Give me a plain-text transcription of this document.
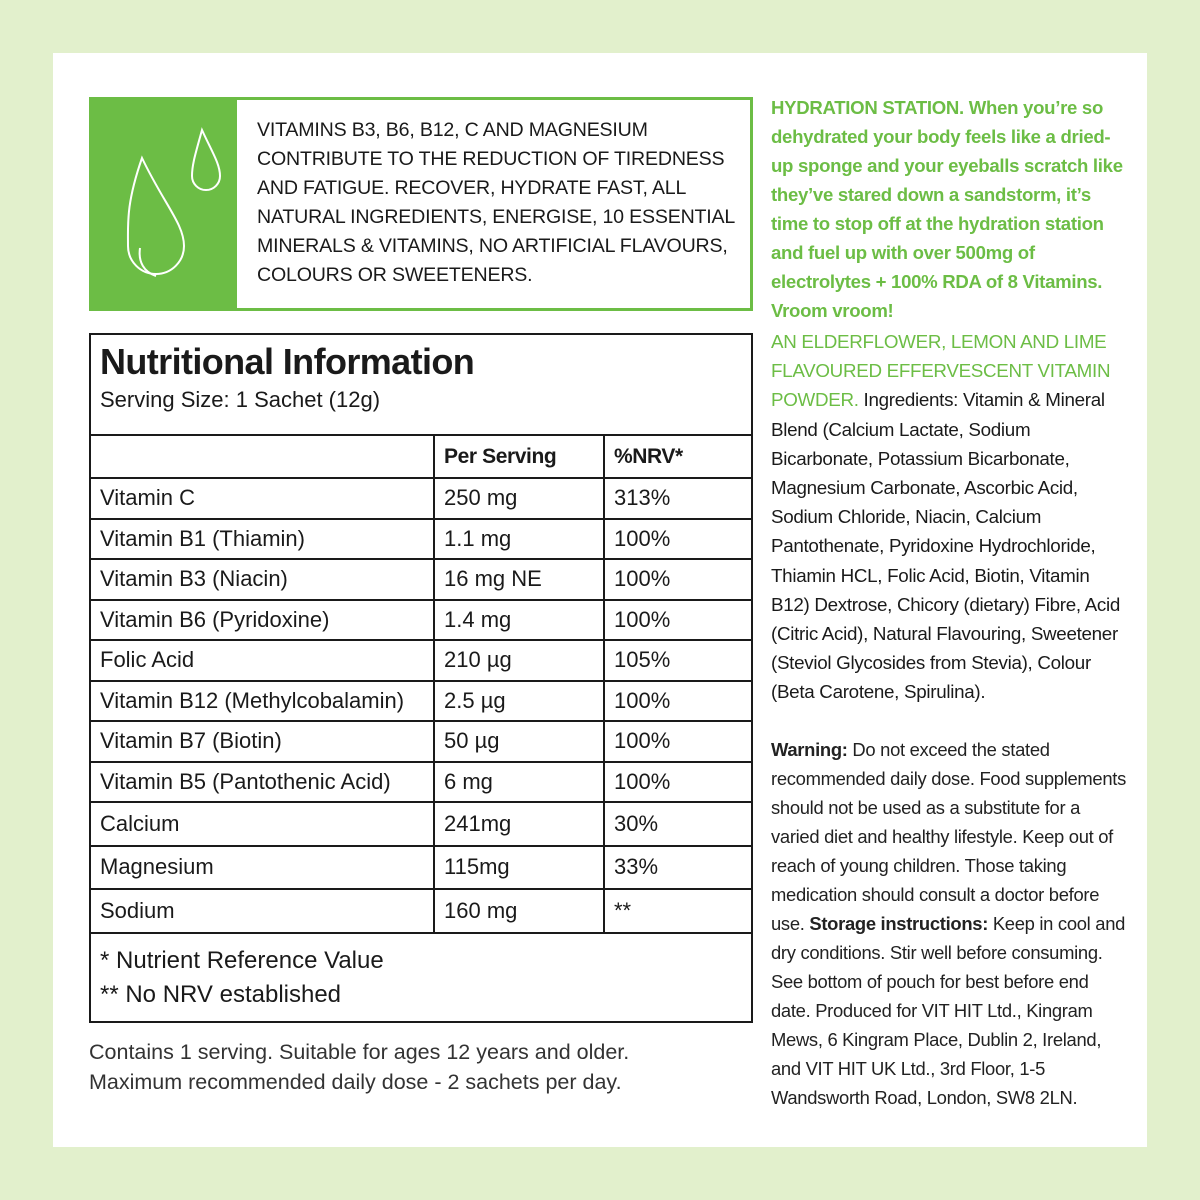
VITAMINS B3, B6, B12, C AND MAGNESIUM CONTRIBUTE TO THE REDUCTION OF TIREDNESS AND FATIGUE. RECOVER, HYDRATE FAST, ALL NATURAL INGREDIENTS, ENERGISE, 10 ESSENTIAL MINERALS & VITAMINS, NO ARTIFICIAL FLAVOURS, COLOURS OR SWEETENERS.
Nutritional Information
Serving Size: 1 Sachet (12g)
	Per Serving	%NRV*
Vitamin C	250 mg	313%
Vitamin B1 (Thiamin)	1.1 mg	100%
Vitamin B3 (Niacin)	16 mg NE	100%
Vitamin B6 (Pyridoxine)	1.4 mg	100%
Folic Acid	210 µg	105%
Vitamin B12 (Methylcobalamin)	2.5 µg	100%
Vitamin B7 (Biotin)	50 µg	100%
Vitamin B5 (Pantothenic Acid)	6 mg	100%
Calcium	241mg	30%
Magnesium	115mg	33%
Sodium	160 mg	**
* Nutrient Reference Value
** No NRV established
Contains 1 serving. Suitable for ages 12 years and older.
Maximum recommended daily dose - 2 sachets per day.
HYDRATION STATION. When you’re so dehydrated your body feels like a dried-up sponge and your eyeballs scratch like they’ve stared down a sandstorm, it’s time to stop off at the hydration station and fuel up with over 500mg of electrolytes + 100% RDA of 8 Vitamins. Vroom vroom!
AN ELDERFLOWER, LEMON AND LIME FLAVOURED EFFERVESCENT VITAMIN POWDER. Ingredients: Vitamin & Mineral Blend (Calcium Lactate, Sodium Bicarbonate, Potassium Bicarbonate, Magnesium Carbonate, Ascorbic Acid, Sodium Chloride, Niacin, Calcium Pantothenate, Pyridoxine Hydrochloride, Thiamin HCL, Folic Acid, Biotin, Vitamin B12) Dextrose, Chicory (dietary) Fibre, Acid (Citric Acid), Natural Flavouring, Sweetener (Steviol Glycosides from Stevia), Colour (Beta Carotene, Spirulina).
Warning: Do not exceed the stated recommended daily dose. Food supplements should not be used as a substitute for a varied diet and healthy lifestyle. Keep out of reach of young children. Those taking medication should consult a doctor before use. Storage instructions: Keep in cool and dry conditions. Stir well before consuming. See bottom of pouch for best before end date. Produced for VIT HIT Ltd., Kingram Mews, 6 Kingram Place, Dublin 2, Ireland, and VIT HIT UK Ltd., 3rd Floor, 1-5 Wandsworth Road, London, SW8 2LN.
